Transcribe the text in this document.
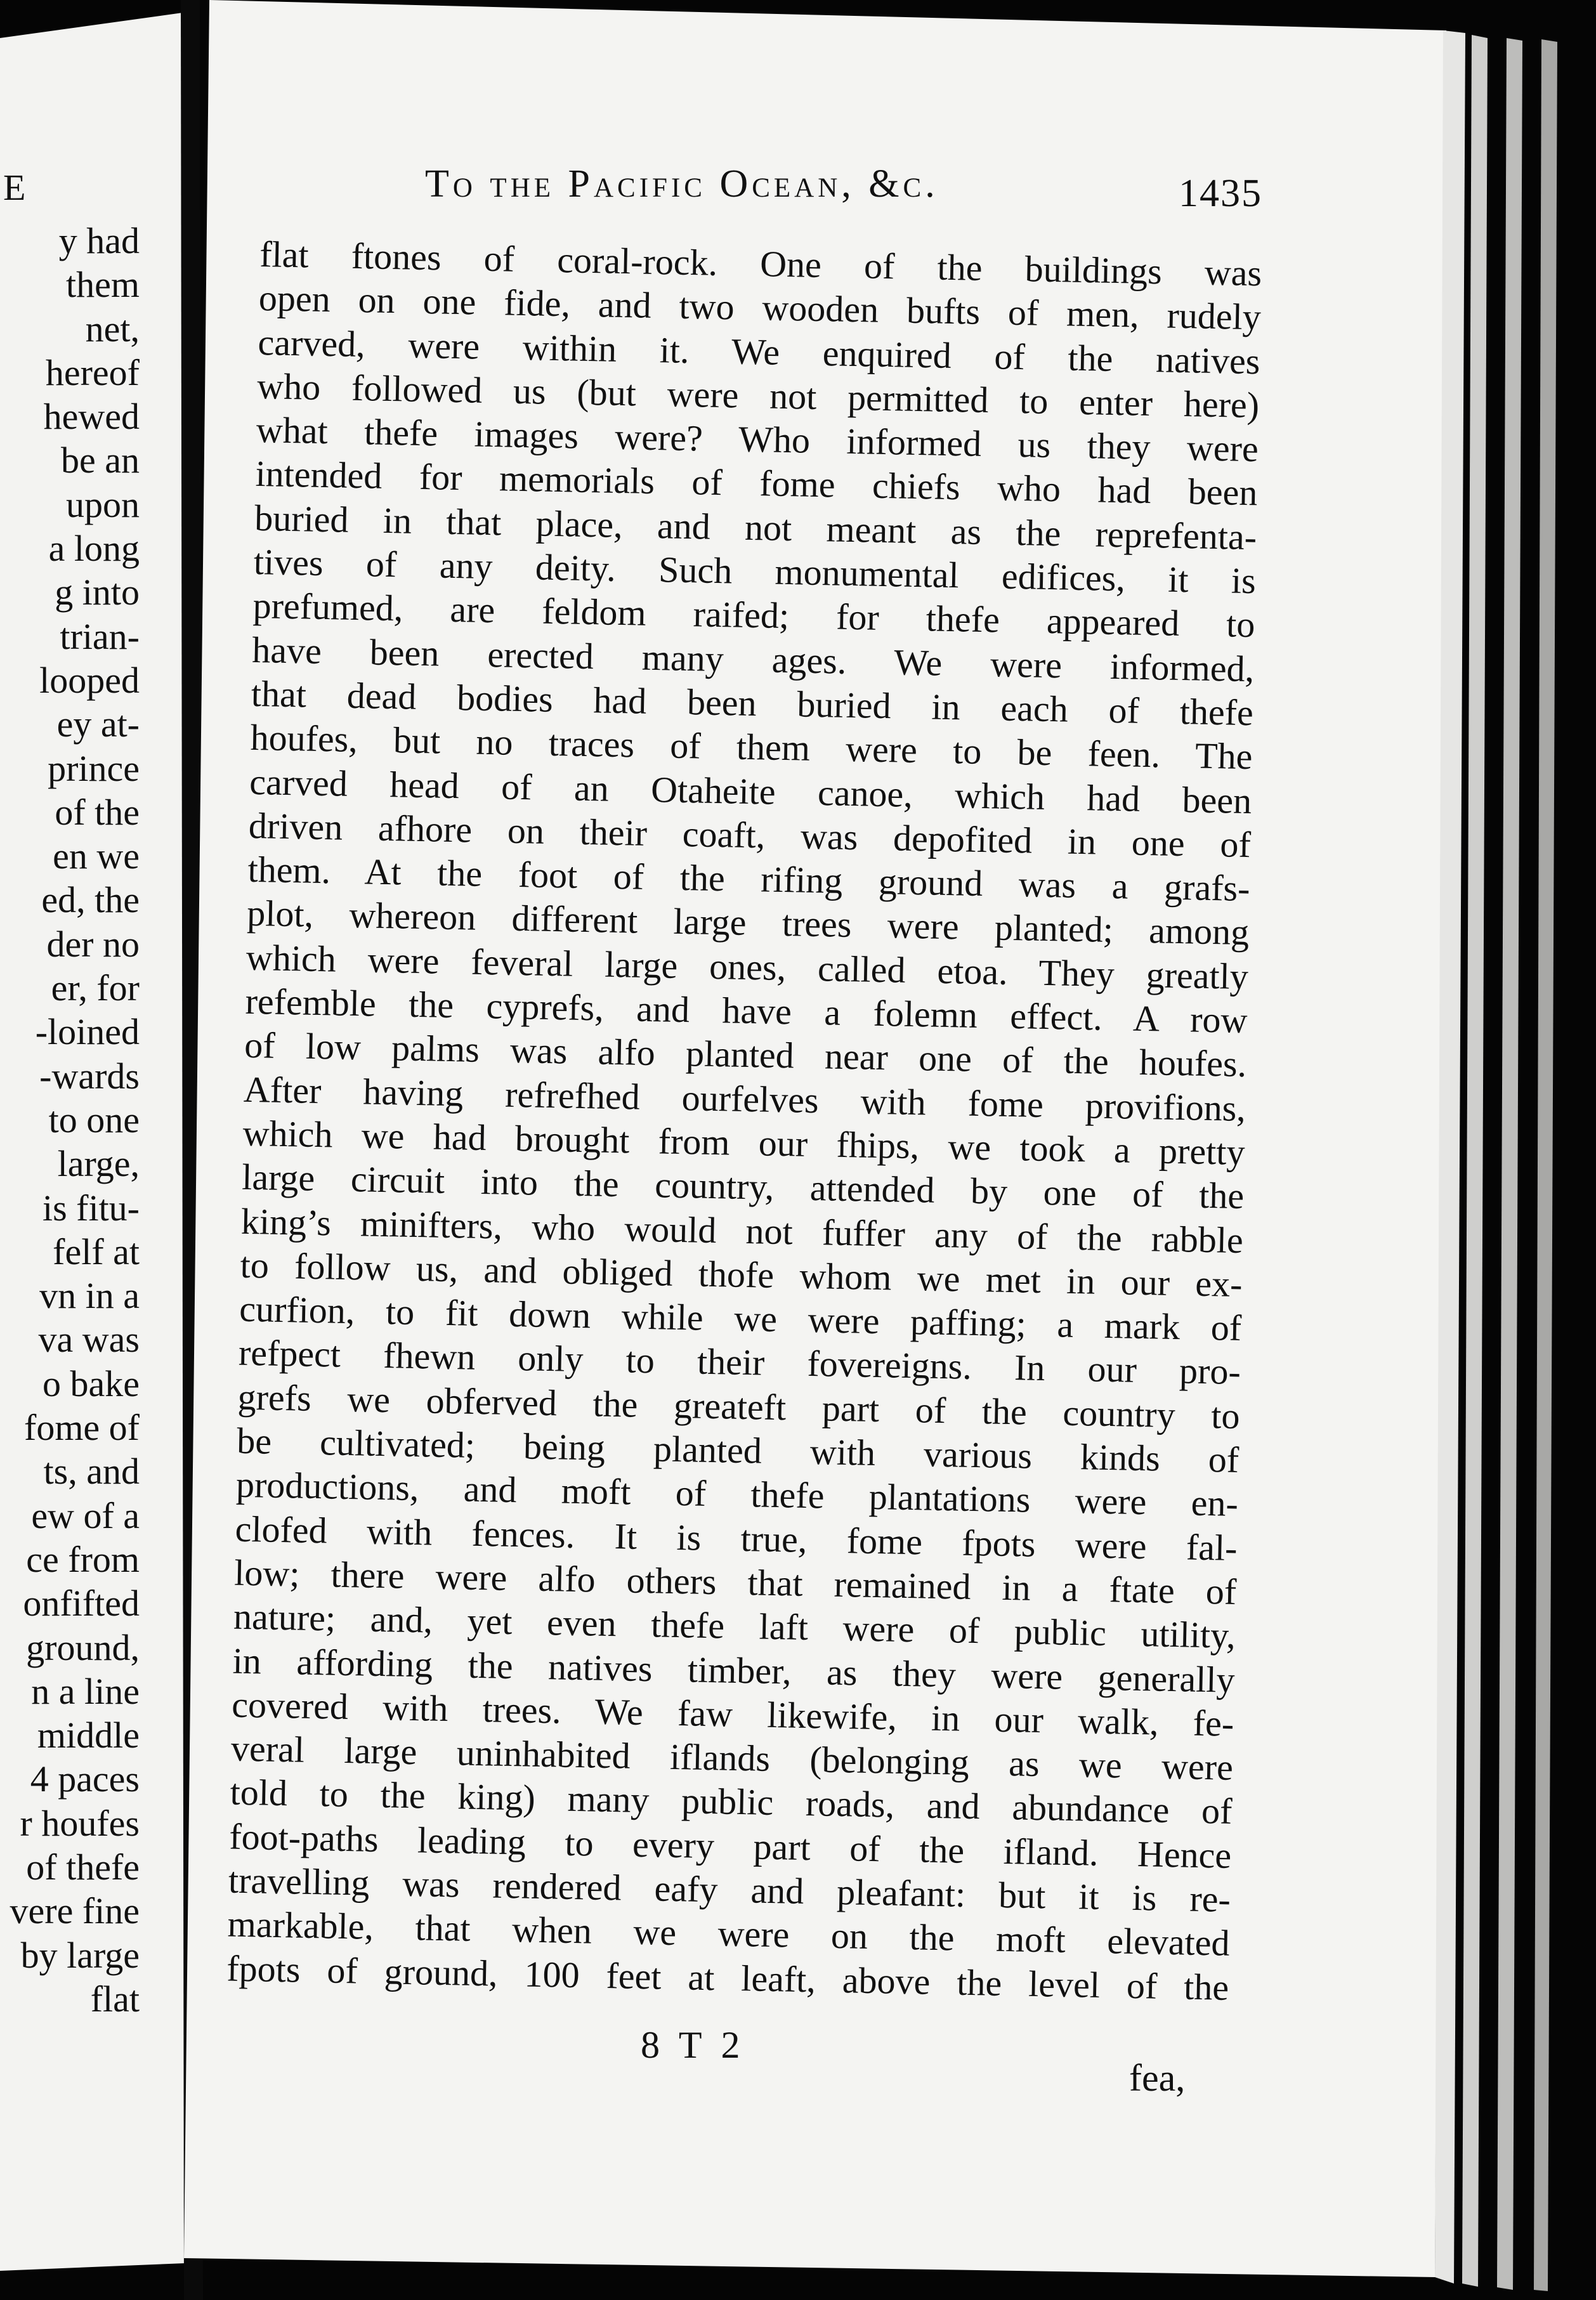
E
y had
them
net,
hereof
hewed
be an
upon
a long
g into
trian-
looped
ey at-
prince
of the
en we
ed, the
der no
er, for
-loined
-wards
to one
large,
is fitu-
felf at
vn in a
va was
o bake
fome of
ts, and
ew of a
ce from
onfifted
ground,
n a line
middle
4 paces
r houfes
of thefe
vere fine
by large
flat
To the Pacific Ocean, &c.	1435
flat ftones of coral-rock. One of the buildings was
open on one fide, and two wooden bufts of men, rudely
carved, were within it. We enquired of the natives
who followed us (but were not permitted to enter here)
what thefe images were? Who informed us they were
intended for memorials of fome chiefs who had been
buried in that place, and not meant as the reprefenta-
tives of any deity. Such monumental edifices, it is
prefumed, are feldom raifed; for thefe appeared to
have been erected many ages. We were informed,
that dead bodies had been buried in each of thefe
houfes, but no traces of them were to be feen. The
carved head of an Otaheite canoe, which had been
driven afhore on their coaft, was depofited in one of
them. At the foot of the rifing ground was a grafs-
plot, whereon different large trees were planted; among
which were feveral large ones, called etoa. They greatly
refemble the cyprefs, and have a folemn effect. A row
of low palms was alfo planted near one of the houfes.
After having refrefhed ourfelves with fome provifions,
which we had brought from our fhips, we took a pretty
large circuit into the country, attended by one of the
king’s minifters, who would not fuffer any of the rabble
to follow us, and obliged thofe whom we met in our ex-
curfion, to fit down while we were paffing; a mark of
refpect fhewn only to their fovereigns. In our pro-
grefs we obferved the greateft part of the country to
be cultivated; being planted with various kinds of
productions, and moft of thefe plantations were en-
clofed with fences. It is true, fome fpots were fal-
low; there were alfo others that remained in a ftate of
nature; and, yet even thefe laft were of public utility,
in affording the natives timber, as they were generally
covered with trees. We faw likewife, in our walk, fe-
veral large uninhabited iflands (belonging as we were
told to the king) many public roads, and abundance of
foot-paths leading to every part of the ifland. Hence
travelling was rendered eafy and pleafant: but it is re-
markable, that when we were on the moft elevated
fpots of ground, 100 feet at leaft, above the level of the
8 T 2
fea,
